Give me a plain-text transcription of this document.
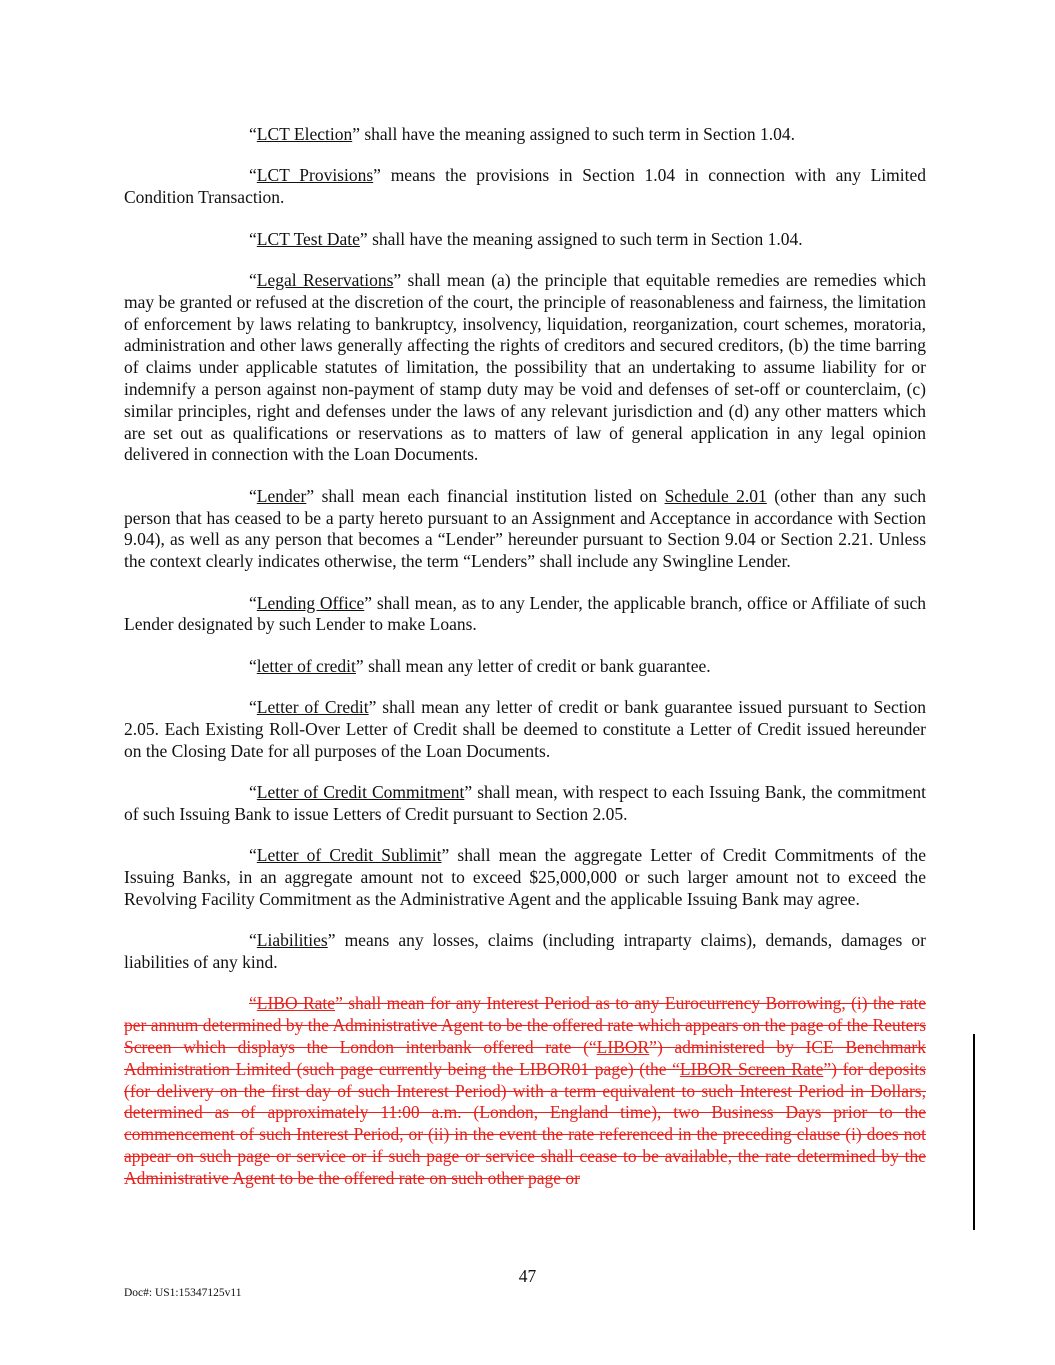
“LCT Election” shall have the meaning assigned to such term in Section 1.04.

“LCT Provisions” means the provisions in Section 1.04 in connection with any Limited Condition Transaction.

“LCT Test Date” shall have the meaning assigned to such term in Section 1.04.

“Legal Reservations” shall mean (a) the principle that equitable remedies are remedies which may be granted or refused at the discretion of the court, the principle of reasonableness and fairness, the limitation of enforcement by laws relating to bankruptcy, insolvency, liquidation, reorganization, court schemes, moratoria, administration and other laws generally affecting the rights of creditors and secured creditors, (b) the time barring of claims under applicable statutes of limitation, the possibility that an undertaking to assume liability for or indemnify a person against non-payment of stamp duty may be void and defenses of set-off or counterclaim, (c) similar principles, right and defenses under the laws of any relevant jurisdiction and (d) any other matters which are set out as qualifications or reservations as to matters of law of general application in any legal opinion delivered in connection with the Loan Documents.

“Lender” shall mean each financial institution listed on Schedule 2.01 (other than any such person that has ceased to be a party hereto pursuant to an Assignment and Acceptance in accordance with Section 9.04), as well as any person that becomes a “Lender” hereunder pursuant to Section 9.04 or Section 2.21. Unless the context clearly indicates otherwise, the term “Lenders” shall include any Swingline Lender.

“Lending Office” shall mean, as to any Lender, the applicable branch, office or Affiliate of such Lender designated by such Lender to make Loans.

“letter of credit” shall mean any letter of credit or bank guarantee.

“Letter of Credit” shall mean any letter of credit or bank guarantee issued pursuant to Section 2.05. Each Existing Roll-Over Letter of Credit shall be deemed to constitute a Letter of Credit issued hereunder on the Closing Date for all purposes of the Loan Documents.

“Letter of Credit Commitment” shall mean, with respect to each Issuing Bank, the commitment of such Issuing Bank to issue Letters of Credit pursuant to Section 2.05.

“Letter of Credit Sublimit” shall mean the aggregate Letter of Credit Commitments of the Issuing Banks, in an aggregate amount not to exceed $25,000,000 or such larger amount not to exceed the Revolving Facility Commitment as the Administrative Agent and the applicable Issuing Bank may agree.

“Liabilities” means any losses, claims (including intraparty claims), demands, damages or liabilities of any kind.

“LIBO Rate” shall mean for any Interest Period as to any Eurocurrency Borrowing, (i) the rate per annum determined by the Administrative Agent to be the offered rate which appears on the page of the Reuters Screen which displays the London interbank offered rate (“LIBOR”) administered by ICE Benchmark Administration Limited (such page currently being the LIBOR01 page) (the “LIBOR Screen Rate”) for deposits (for delivery on the first day of such Interest Period) with a term equivalent to such Interest Period in Dollars, determined as of approximately 11:00 a.m. (London, England time), two Business Days prior to the commencement of such Interest Period, or (ii) in the event the rate referenced in the preceding clause (i) does not appear on such page or service or if such page or service shall cease to be available, the rate determined by the Administrative Agent to be the offered rate on such other page or

47
Doc#: US1:15347125v11
